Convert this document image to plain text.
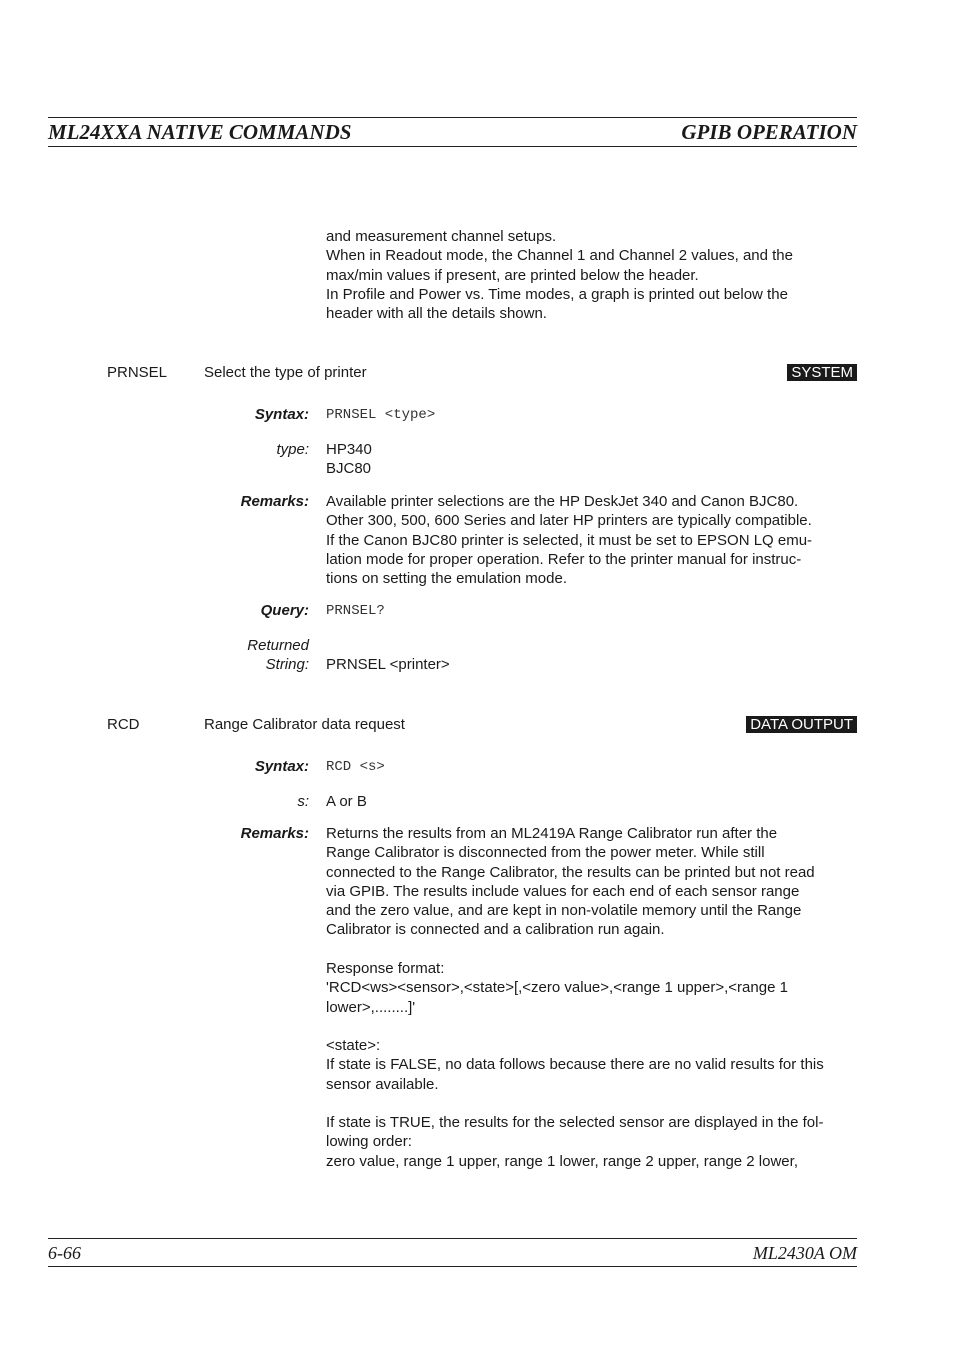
ML24XXA NATIVE COMMANDS	GPIB OPERATION
and measurement channel setups.
When in Readout mode, the Channel 1 and Channel 2 values, and the
max/min values if present, are printed below the header.
In Profile and Power vs. Time modes, a graph is printed out below the
header with all the details shown.
PRNSEL Select the type of printer	SYSTEM
Syntax: PRNSEL <type>
type: HP340
BJC80
Remarks: Available printer selections are the HP DeskJet 340 and Canon BJC80.
Other 300, 500, 600 Series and later HP printers are typically compatible.
If the Canon BJC80 printer is selected, it must be set to EPSON LQ emu-
lation mode for proper operation. Refer to the printer manual for instruc-
tions on setting the emulation mode.
Query: PRNSEL?
Returned
String: PRNSEL <printer>
RCD	Range Calibrator data request	DATA OUTPUT
Syntax: RCD <s>
s: A or B
Remarks: Returns the results from an ML2419A Range Calibrator run after the
Range Calibrator is disconnected from the power meter. While still
connected to the Range Calibrator, the results can be printed but not read
via GPIB. The results include values for each end of each sensor range
and the zero value, and are kept in non-volatile memory until the Range
Calibrator is connected and a calibration run again.
Response format:
'RCD<ws><sensor>,<state>[,<zero value>,<range 1 upper>,<range 1
lower>,........]'
<state>:
If state is FALSE, no data follows because there are no valid results for this
sensor available.
If state is TRUE, the results for the selected sensor are displayed in the fol-
lowing order:
zero value, range 1 upper, range 1 lower, range 2 upper, range 2 lower,
6-66	ML2430A OM
